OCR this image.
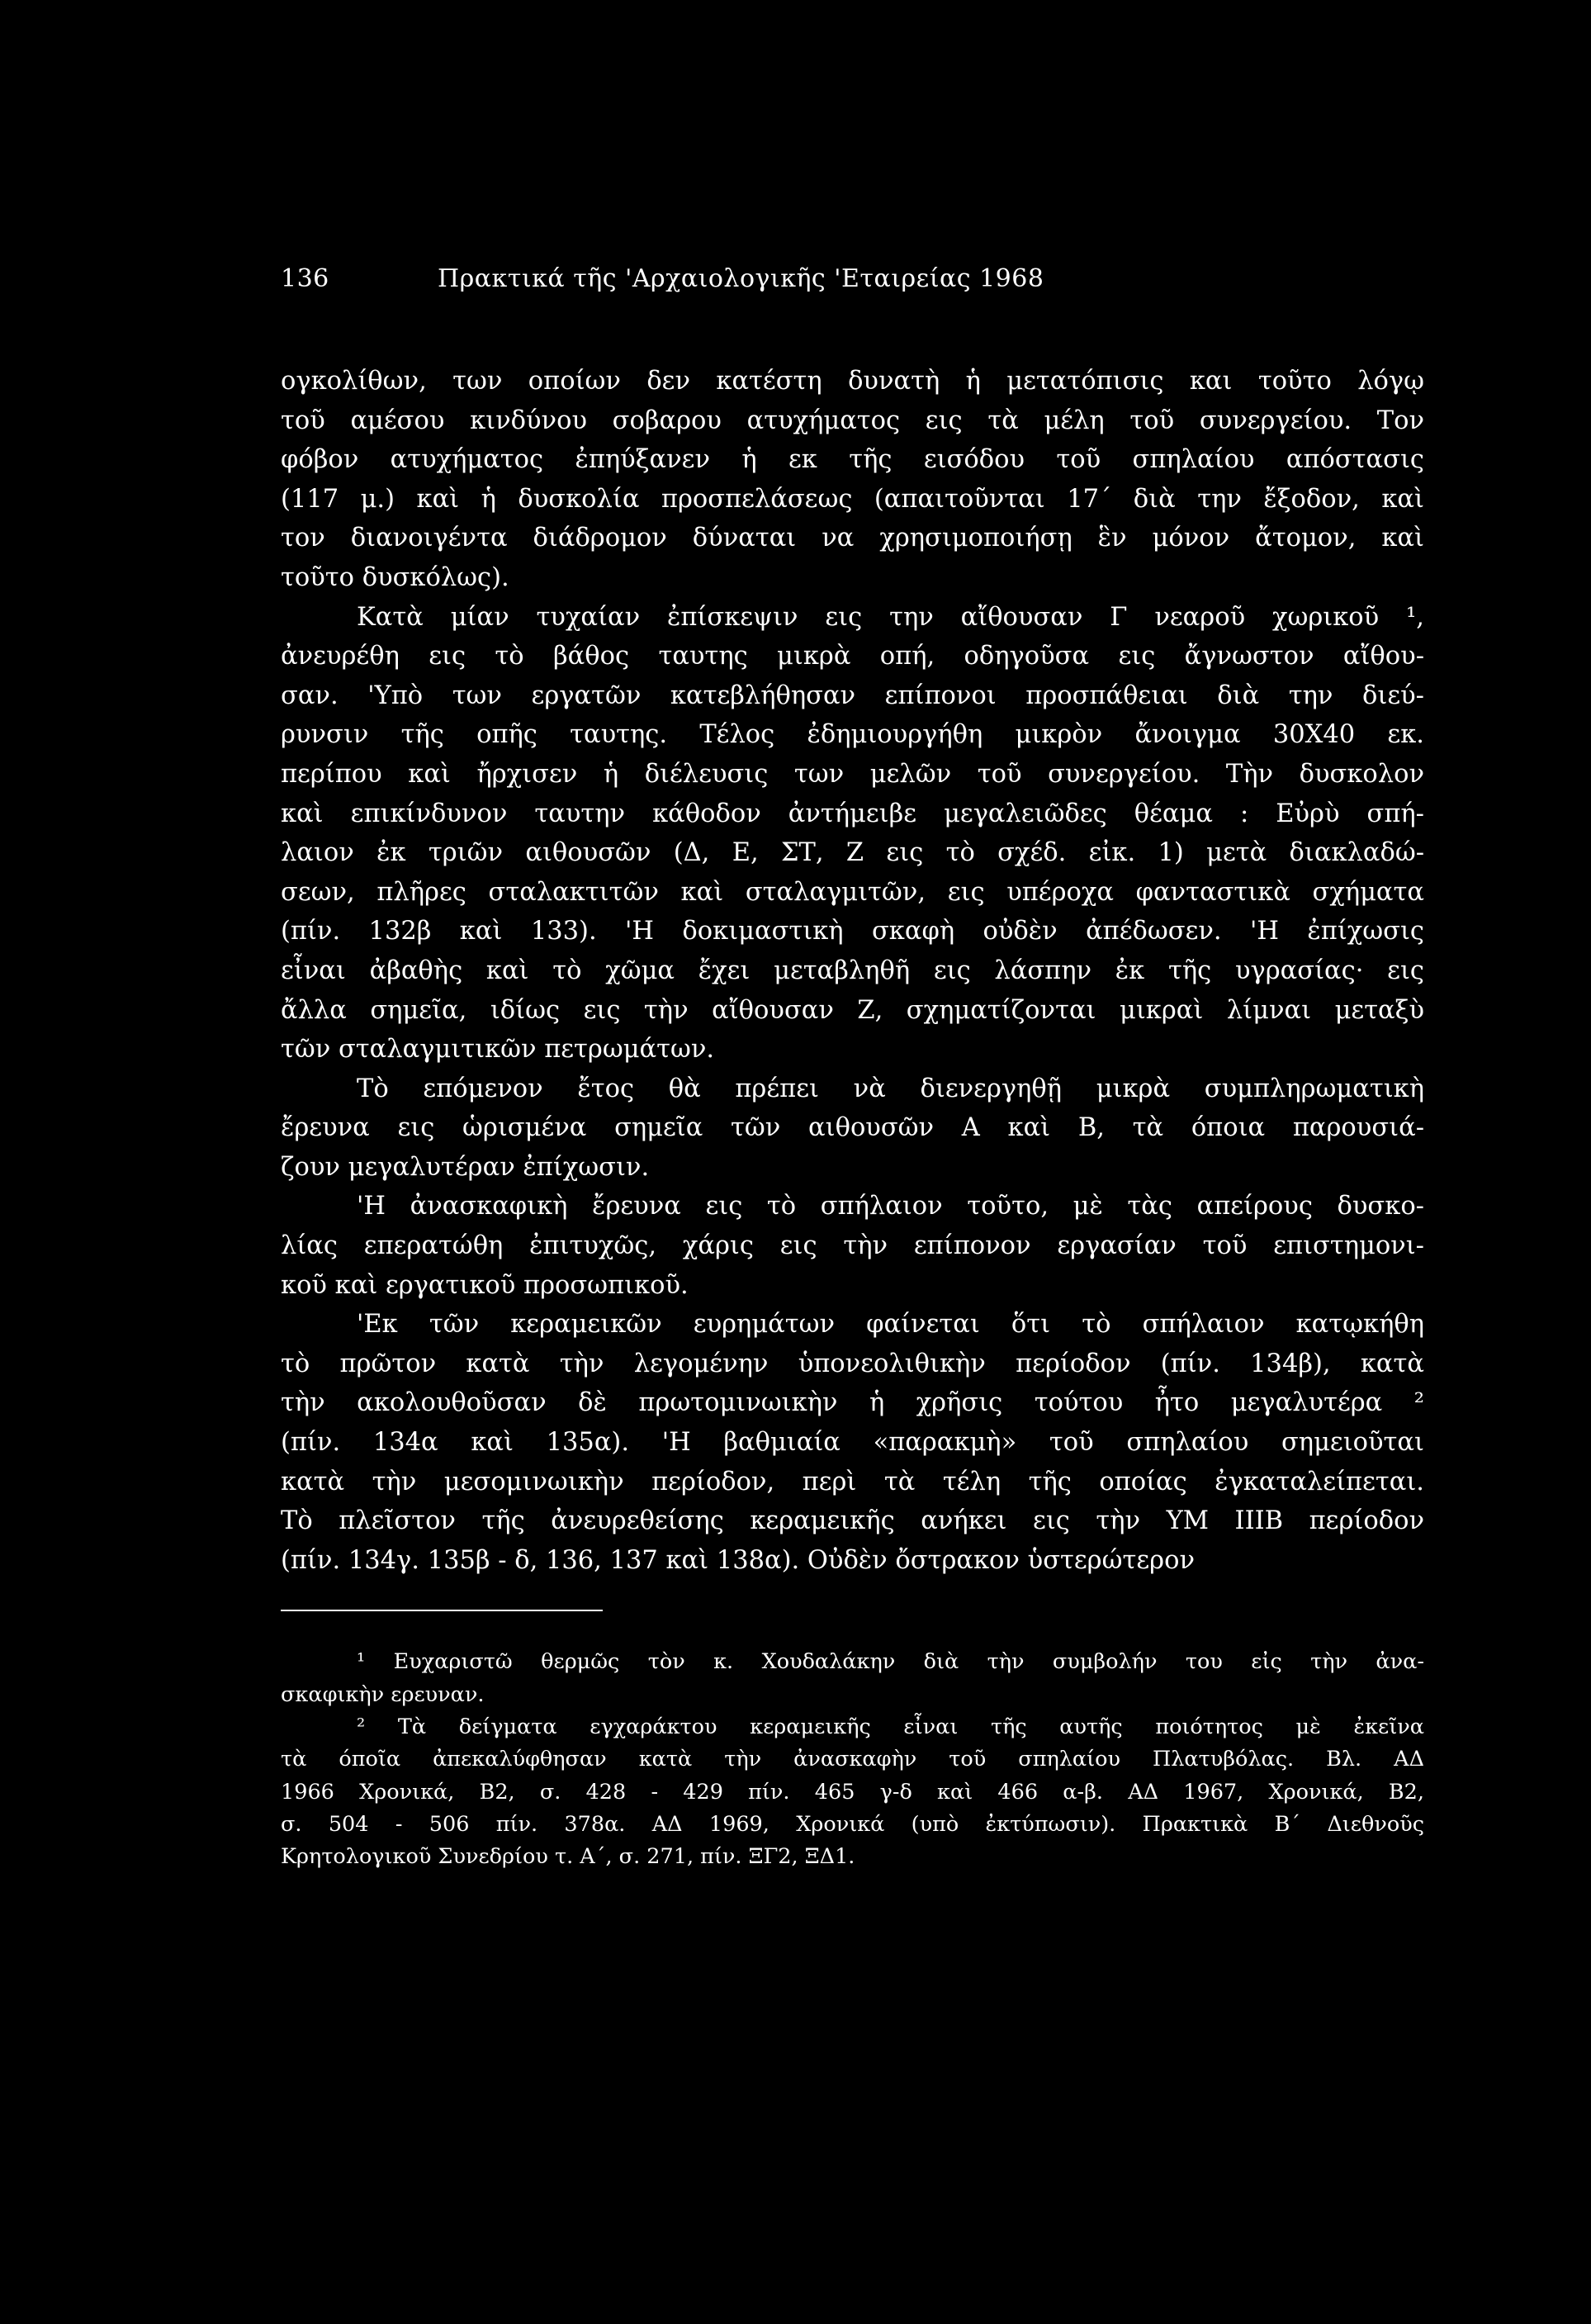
136	Πρακτικά τῆς 'Αρχαιολογικῆς 'Εταιρείας 1968
ογκολίθων, των οποίων δεν κατέστη δυνατὴ ἡ μετατόπισις και τοῦτο λόγῳ
τοῦ αμέσου κινδύνου σοβαρου ατυχήματος εις τὰ μέλη τοῦ συνεργείου. Τον
φόβον ατυχήματος ἐπηύξανεν ἡ εκ τῆς εισόδου τοῦ σπηλαίου απόστασις
(117 μ.) καὶ ἡ δυσκολία προσπελάσεως (απαιτοῦνται 17΄ διὰ την ἔξοδον, καὶ
τον διανοιγέντα διάδρομον δύναται να χρησιμοποιήσῃ ἓν μόνον ἄτομον, καὶ
τοῦτο δυσκόλως).
Κατὰ μίαν τυχαίαν ἐπίσκεψιν εις την αἴθουσαν Γ νεαροῦ χωρικοῦ ¹,
ἀνευρέθη εις τὸ βάθος ταυτης μικρὰ οπή, οδηγοῦσα εις ἄγνωστον αἴθου-
σαν. 'Υπὸ των εργατῶν κατεβλήθησαν επίπονοι προσπάθειαι διὰ την διεύ-
ρυνσιν τῆς οπῆς ταυτης. Τέλος ἐδημιουργήθη μικρὸν ἄνοιγμα 30Χ40 εκ.
περίπου καὶ ἤρχισεν ἡ διέλευσις των μελῶν τοῦ συνεργείου. Τὴν δυσκολον
καὶ επικίνδυνον ταυτην κάθοδον ἀντήμειβε μεγαλειῶδες θέαμα : Εὐρὺ σπή-
λαιον ἐκ τριῶν αιθουσῶν (Δ, Ε, ΣΤ, Ζ εις τὸ σχέδ. εἰκ. 1) μετὰ διακλαδώ-
σεων, πλῆρες σταλακτιτῶν καὶ σταλαγμιτῶν, εις υπέροχα φανταστικὰ σχήματα
(πίν. 132β καὶ 133). 'Η δοκιμαστικὴ σκαφὴ οὐδὲν ἀπέδωσεν. 'Η ἐπίχωσις
εἶναι ἀβαθὴς καὶ τὸ χῶμα ἔχει μεταβληθῆ εις λάσπην ἐκ τῆς υγρασίας· εις
ἄλλα σημεῖα, ιδίως εις τὴν αἴθουσαν Ζ, σχηματίζονται μικραὶ λίμναι μεταξὺ
τῶν σταλαγμιτικῶν πετρωμάτων.
Τὸ επόμενον ἔτος θὰ πρέπει νὰ διενεργηθῇ μικρὰ συμπληρωματικὴ
ἔρευνα εις ὡρισμένα σημεῖα τῶν αιθουσῶν Α καὶ Β, τὰ όποια παρουσιά-
ζουν μεγαλυτέραν ἐπίχωσιν.
'Η ἀνασκαφικὴ ἔρευνα εις τὸ σπήλαιον τοῦτο, μὲ τὰς απείρους δυσκο-
λίας επερατώθη ἐπιτυχῶς, χάρις εις τὴν επίπονον εργασίαν τοῦ επιστημονι-
κοῦ καὶ εργατικοῦ προσωπικοῦ.
'Εκ τῶν κεραμεικῶν ευρημάτων φαίνεται ὅτι τὸ σπήλαιον κατῳκήθη
τὸ πρῶτον κατὰ τὴν λεγομένην ὑπονεολιθικὴν περίοδον (πίν. 134β), κατὰ
τὴν ακολουθοῦσαν δὲ πρωτομινωικὴν ἡ χρῆσις τούτου ἦτο μεγαλυτέρα ²
(πίν. 134α καὶ 135α). 'Η βαθμιαία «παρακμὴ» τοῦ σπηλαίου σημειοῦται
κατὰ τὴν μεσομινωικὴν περίοδον, περὶ τὰ τέλη τῆς οποίας ἐγκαταλείπεται.
Τὸ πλεῖστον τῆς ἀνευρεθείσης κεραμεικῆς ανήκει εις τὴν ΥΜ ΙΙΙΒ περίοδον
(πίν. 134γ. 135β - δ, 136, 137 καὶ 138α). Οὐδὲν ὄστρακον ὑστερώτερον
¹ Ευχαριστῶ θερμῶς τὸν κ. Χουδαλάκην διὰ τὴν συμβολήν του εἰς τὴν ἀνα-
σκαφικὴν ερευναν.
² Τὰ δείγματα εγχαράκτου κεραμεικῆς εἶναι τῆς αυτῆς ποιότητος μὲ ἐκεῖνα
τὰ όποῖα ἀπεκαλύφθησαν κατὰ τὴν ἀνασκαφὴν τοῦ σπηλαίου Πλατυβόλας. Βλ. ΑΔ
1966 Χρονικά, Β2, σ. 428 - 429 πίν. 465 γ-δ καὶ 466 α-β. ΑΔ 1967, Χρονικά, Β2,
σ. 504 - 506 πίν. 378α. ΑΔ 1969, Χρονικά (υπὸ ἐκτύπωσιν). Πρακτικὰ Β΄ Διεθνοῦς
Κρητολογικοῦ Συνεδρίου τ. Α΄, σ. 271, πίν. ΞΓ2, ΞΔ1.
